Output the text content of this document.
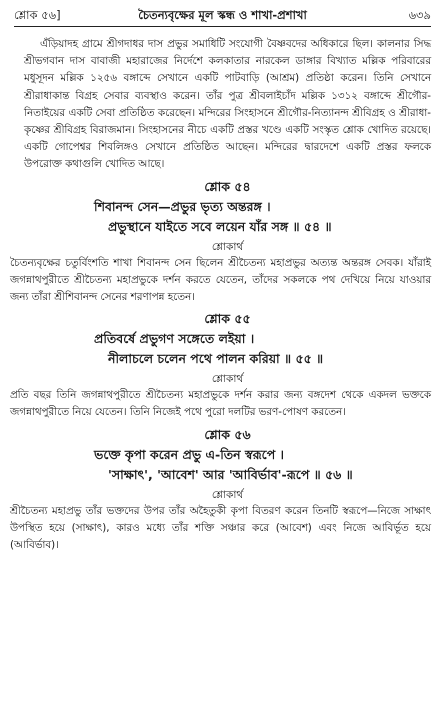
শ্লোক ৫৬]	চৈতন্যবৃক্ষের মূল স্কন্ধ ও শাখা-প্রশাখা	৬৩৯

এঁড়িয়াদহ গ্রামে শ্রীগদাধর দাস প্রভুর সমাধিটি সংযোগী বৈষ্ণবদের অধিকারে ছিল। কালনার সিদ্ধ শ্রীভগবান দাস বাবাজী মহারাজের নির্দেশে কলকাতার নারকেল ডাঙ্গার বিখ্যাত মল্লিক পরিবারের মধুসূদন মল্লিক ১২৫৬ বঙ্গাব্দে সেখানে একটি পাটবাড়ি (আশ্রম) প্রতিষ্ঠা করেন। তিনি সেখানে শ্রীরাধাকান্ত বিগ্রহ সেবার ব্যবস্থাও করেন। তাঁর পুত্র শ্রীবলাইচাঁদ মল্লিক ১৩১২ বঙ্গাব্দে শ্রীগৌর-নিতাইয়ের একটি সেবা প্রতিষ্ঠিত করেছেন। মন্দিরের সিংহাসনে শ্রীগৌর-নিত্যানন্দ শ্রীবিগ্রহ ও শ্রীরাধা-কৃষ্ণের শ্রীবিগ্রহ বিরাজমান। সিংহাসনের নীচে একটি প্রস্তর খণ্ডে একটি সংস্কৃত শ্লোক খোদিত রয়েছে। একটি গোপেশ্বর শিবলিঙ্গও সেখানে প্রতিষ্ঠিত আছেন। মন্দিরের দ্বারদেশে একটি প্রস্তর ফলকে উপরোক্ত কথাগুলি খোদিত আছে।

শ্লোক ৫৪
শিবানন্দ সেন—প্রভুর ভৃত্য অন্তরঙ্গ ।
প্রভুস্থানে যাইতে সবে লয়েন যাঁর সঙ্গ ॥ ৫৪ ॥
শ্লোকার্থ

চৈতন্যবৃক্ষের চতুর্বিংশতি শাখা শিবানন্দ সেন ছিলেন শ্রীচৈতন্য মহাপ্রভুর অত্যন্ত অন্তরঙ্গ সেবক। যাঁরাই জগন্নাথপুরীতে শ্রীচৈতন্য মহাপ্রভুকে দর্শন করতে যেতেন, তাঁদের সকলকে পথ দেখিয়ে নিয়ে যাওয়ার জন্য তাঁরা শ্রীশিবানন্দ সেনের শরণাপন্ন হতেন।

শ্লোক ৫৫
প্রতিবর্ষে প্রভুগণ সঙ্গেতে লইয়া ।
নীলাচলে চলেন পথে পালন করিয়া ॥ ৫৫ ॥
শ্লোকার্থ

প্রতি বছর তিনি জগন্নাথপুরীতে শ্রীচৈতন্য মহাপ্রভুকে দর্শন করার জন্য বঙ্গদেশ থেকে একদল ভক্তকে জগন্নাথপুরীতে নিয়ে যেতেন। তিনি নিজেই পথে পুরো দলটির ভরণ-পোষণ করতেন।

শ্লোক ৫৬
ভক্তে কৃপা করেন প্রভু এ-তিন স্বরূপে ।
'সাক্ষাৎ', 'আবেশ' আর 'আবির্ভাব'-রূপে ॥ ৫৬ ॥
শ্লোকার্থ

শ্রীচৈতন্য মহাপ্রভু তাঁর ভক্তদের উপর তাঁর অহৈতুকী কৃপা বিতরণ করেন তিনটি স্বরূপে—নিজে সাক্ষাৎ উপস্থিত হয়ে (সাক্ষাৎ), কারও মধ্যে তাঁর শক্তি সঞ্চার করে (আবেশ) এবং নিজে আবির্ভূত হয়ে (আবির্ভাব)।
